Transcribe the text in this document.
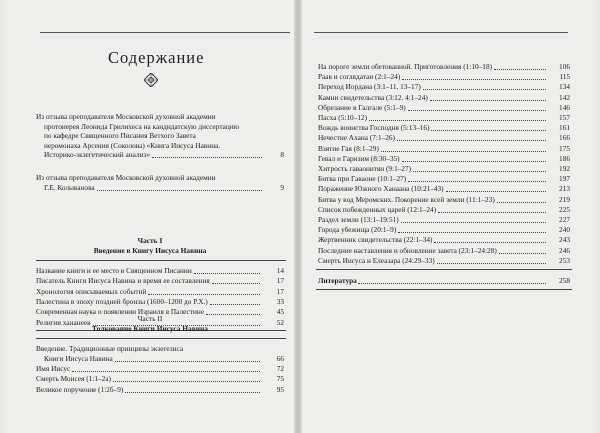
Содержание
Из отзыва преподавателя Московской духовной академии
протоиерея Леонида Грилихеса на кандидатскую диссертацию
по кафедре Священного Писания Ветхого Завета
иеромонаха Арсения (Соколова) «Книга Иисуса Навина.
Историко-экзегетический анализ»	8
Из отзыва преподавателя Московской духовной академии
Г.Е. Колыванова	9
Часть I
Введение в Книгу Иисуса Навина
Название книги и ее место в Священном Писании	14
Писатель Книги Иисуса Навина и время ее составления	17
Хронология описываемых событий	17
Палестина в эпоху поздней бронзы (1600–1200 до Р.Х.)	33
Современная наука о появлении Израиля в Палестине	45
Религия хананеев	52
Часть II
Толкование Книги Иисуса Навина
Введение. Традиционные принципы экзегезиса
Книги Иисуса Навина	66
Имя Иисус	72
Смерть Моисея (1:1–2а)	75
Великое поручение (1:2б–9)	95
На пороге земли обетованной. Приготовления (1:10–18)	106
Раав и соглядатаи (2:1–24)	115
Переход Иордана (3:1–11, 13–17)	134
Камни свидетельства (3:12. 4:1–24)	142
Обрезание в Галгале (5:1–9)	146
Пасха (5:10–12)	157
Вождь воинства Господня (5:13–16)	161
Нечестие Ахана (7:1–26)	166
Взятие Гая (8:1–29)	175
Гевал и Гаризим (8:30–35)	186
Хитрость гаваонитян (9:1–27)	192
Битва при Гаваоне (10:1–27)	197
Поражение Южного Ханаана (10:21–43)	213
Битва у вод Меромских. Покорение всей земли (11:1–23)	219
Список побежденных царей (12:1–24)	225
Раздел земли (13:1–19:51)	227
Города убежища (20:1–9)	240
Жертвенник свидетельства (22:1–34)	243
Последние наставления и обновление завета (23:1–24:28)	246
Смерть Иисуса и Елеазара (24:29–33)	253
Литература	258
